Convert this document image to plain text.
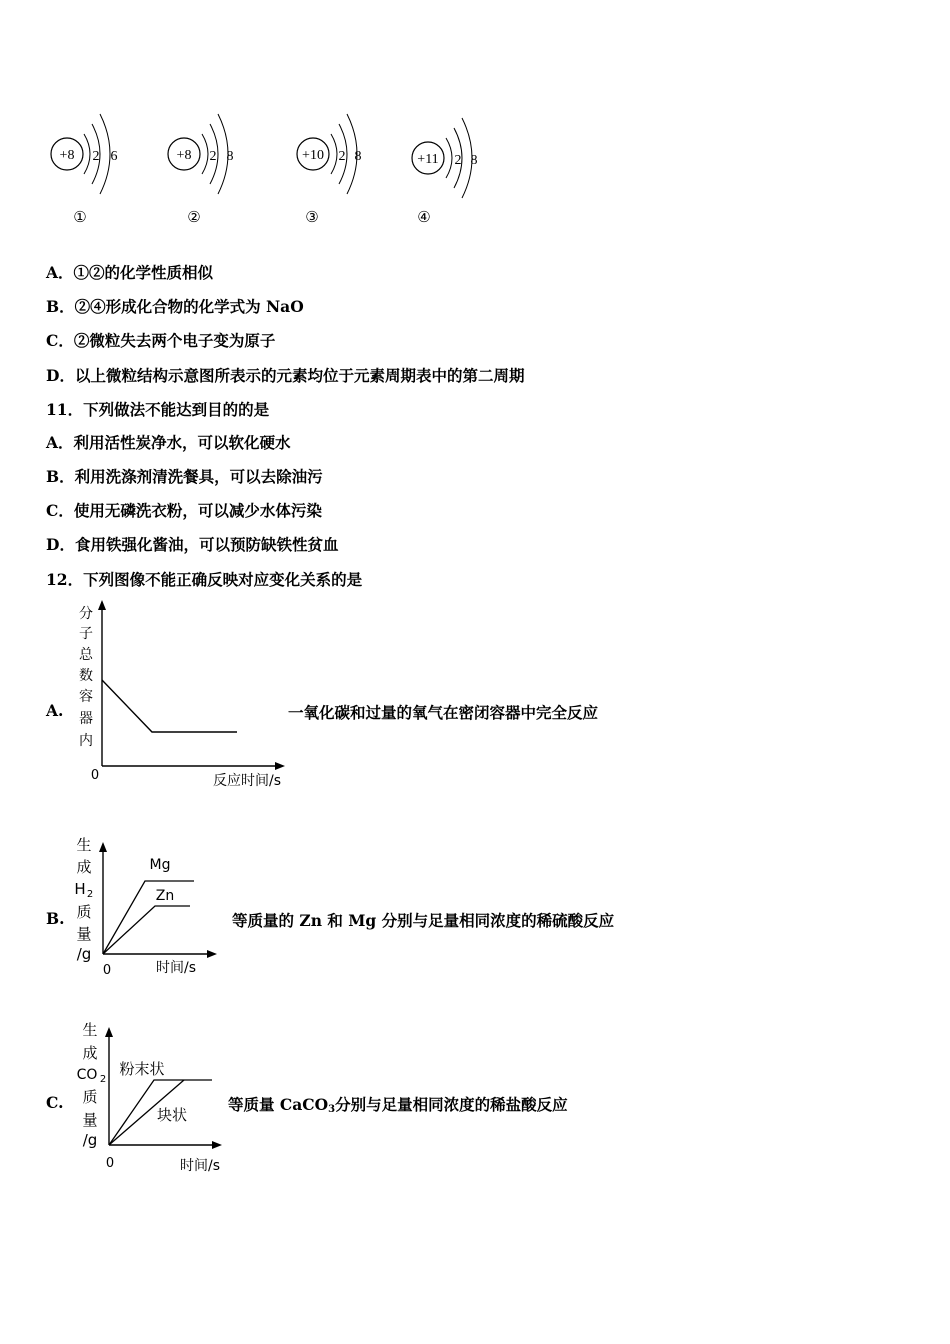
+8 2 6
①
+8 2 8
②
+10 2 8
③
+11 2 8
④
A．①②的化学性质相似
B．②④形成化合物的化学式为 NaO
C．②微粒失去两个电子变为原子
D．以上微粒结构示意图所表示的元素均位于元素周期表中的第二周期
11．下列做法不能达到目的的是
A．利用活性炭净水，可以软化硬水
B．利用洗涤剂清洗餐具，可以去除油污
C．使用无磷洗衣粉，可以减少水体污染
D．食用铁强化酱油，可以预防缺铁性贫血
12．下列图像不能正确反映对应变化关系的是
A.
分
子
总
数
容
器
内
0	反应时间/s
一氧化碳和过量的氧气在密闭容器中完全反应
B.
生
成
H 2
质
量
/g
Mg
Zn
0	时间/s
等质量的 Zn 和 Mg 分别与足量相同浓度的稀硫酸反应
C.
生
成
CO 2
质
量
/g
粉末状
块状
0	时间/s
等质量 CaCO$_3$分别与足量相同浓度的稀盐酸反应
